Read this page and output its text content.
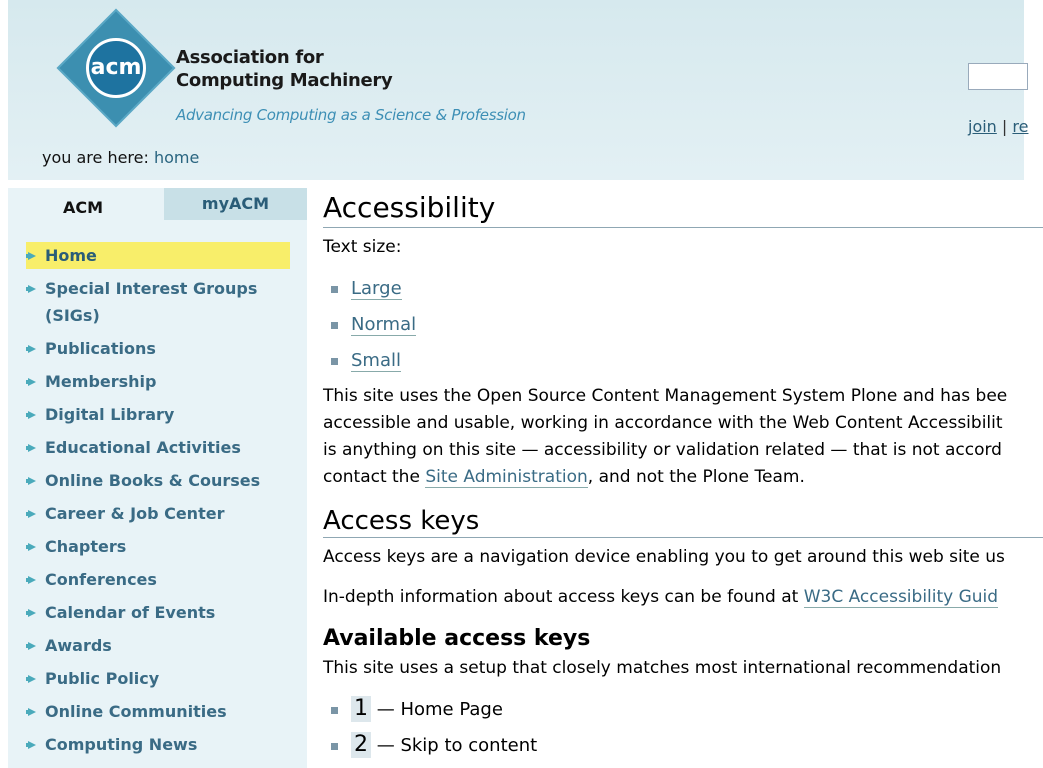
acm Association for
Computing Machinery
Advancing Computing as a Science & Profession
join | re
you are here: home
ACM	myACM
Home
Special Interest Groups (SIGs)
Publications
Membership
Digital Library
Educational Activities
Online Books & Courses
Career & Job Center
Chapters
Conferences
Calendar of Events
Awards
Public Policy
Online Communities
Computing News
Accessibility

Text size:

Large
Normal
Small

This site uses the Open Source Content Management System Plone and has bee

accessible and usable, working in accordance with the Web Content Accessibilit

is anything on this site — accessibility or validation related — that is not accord

contact the Site Administration, and not the Plone Team.

Access keys

Access keys are a navigation device enabling you to get around this web site us

In-depth information about access keys can be found at W3C Accessibility Guid

Available access keys

This site uses a setup that closely matches most international recommendation

1 — Home Page
2 — Skip to content
